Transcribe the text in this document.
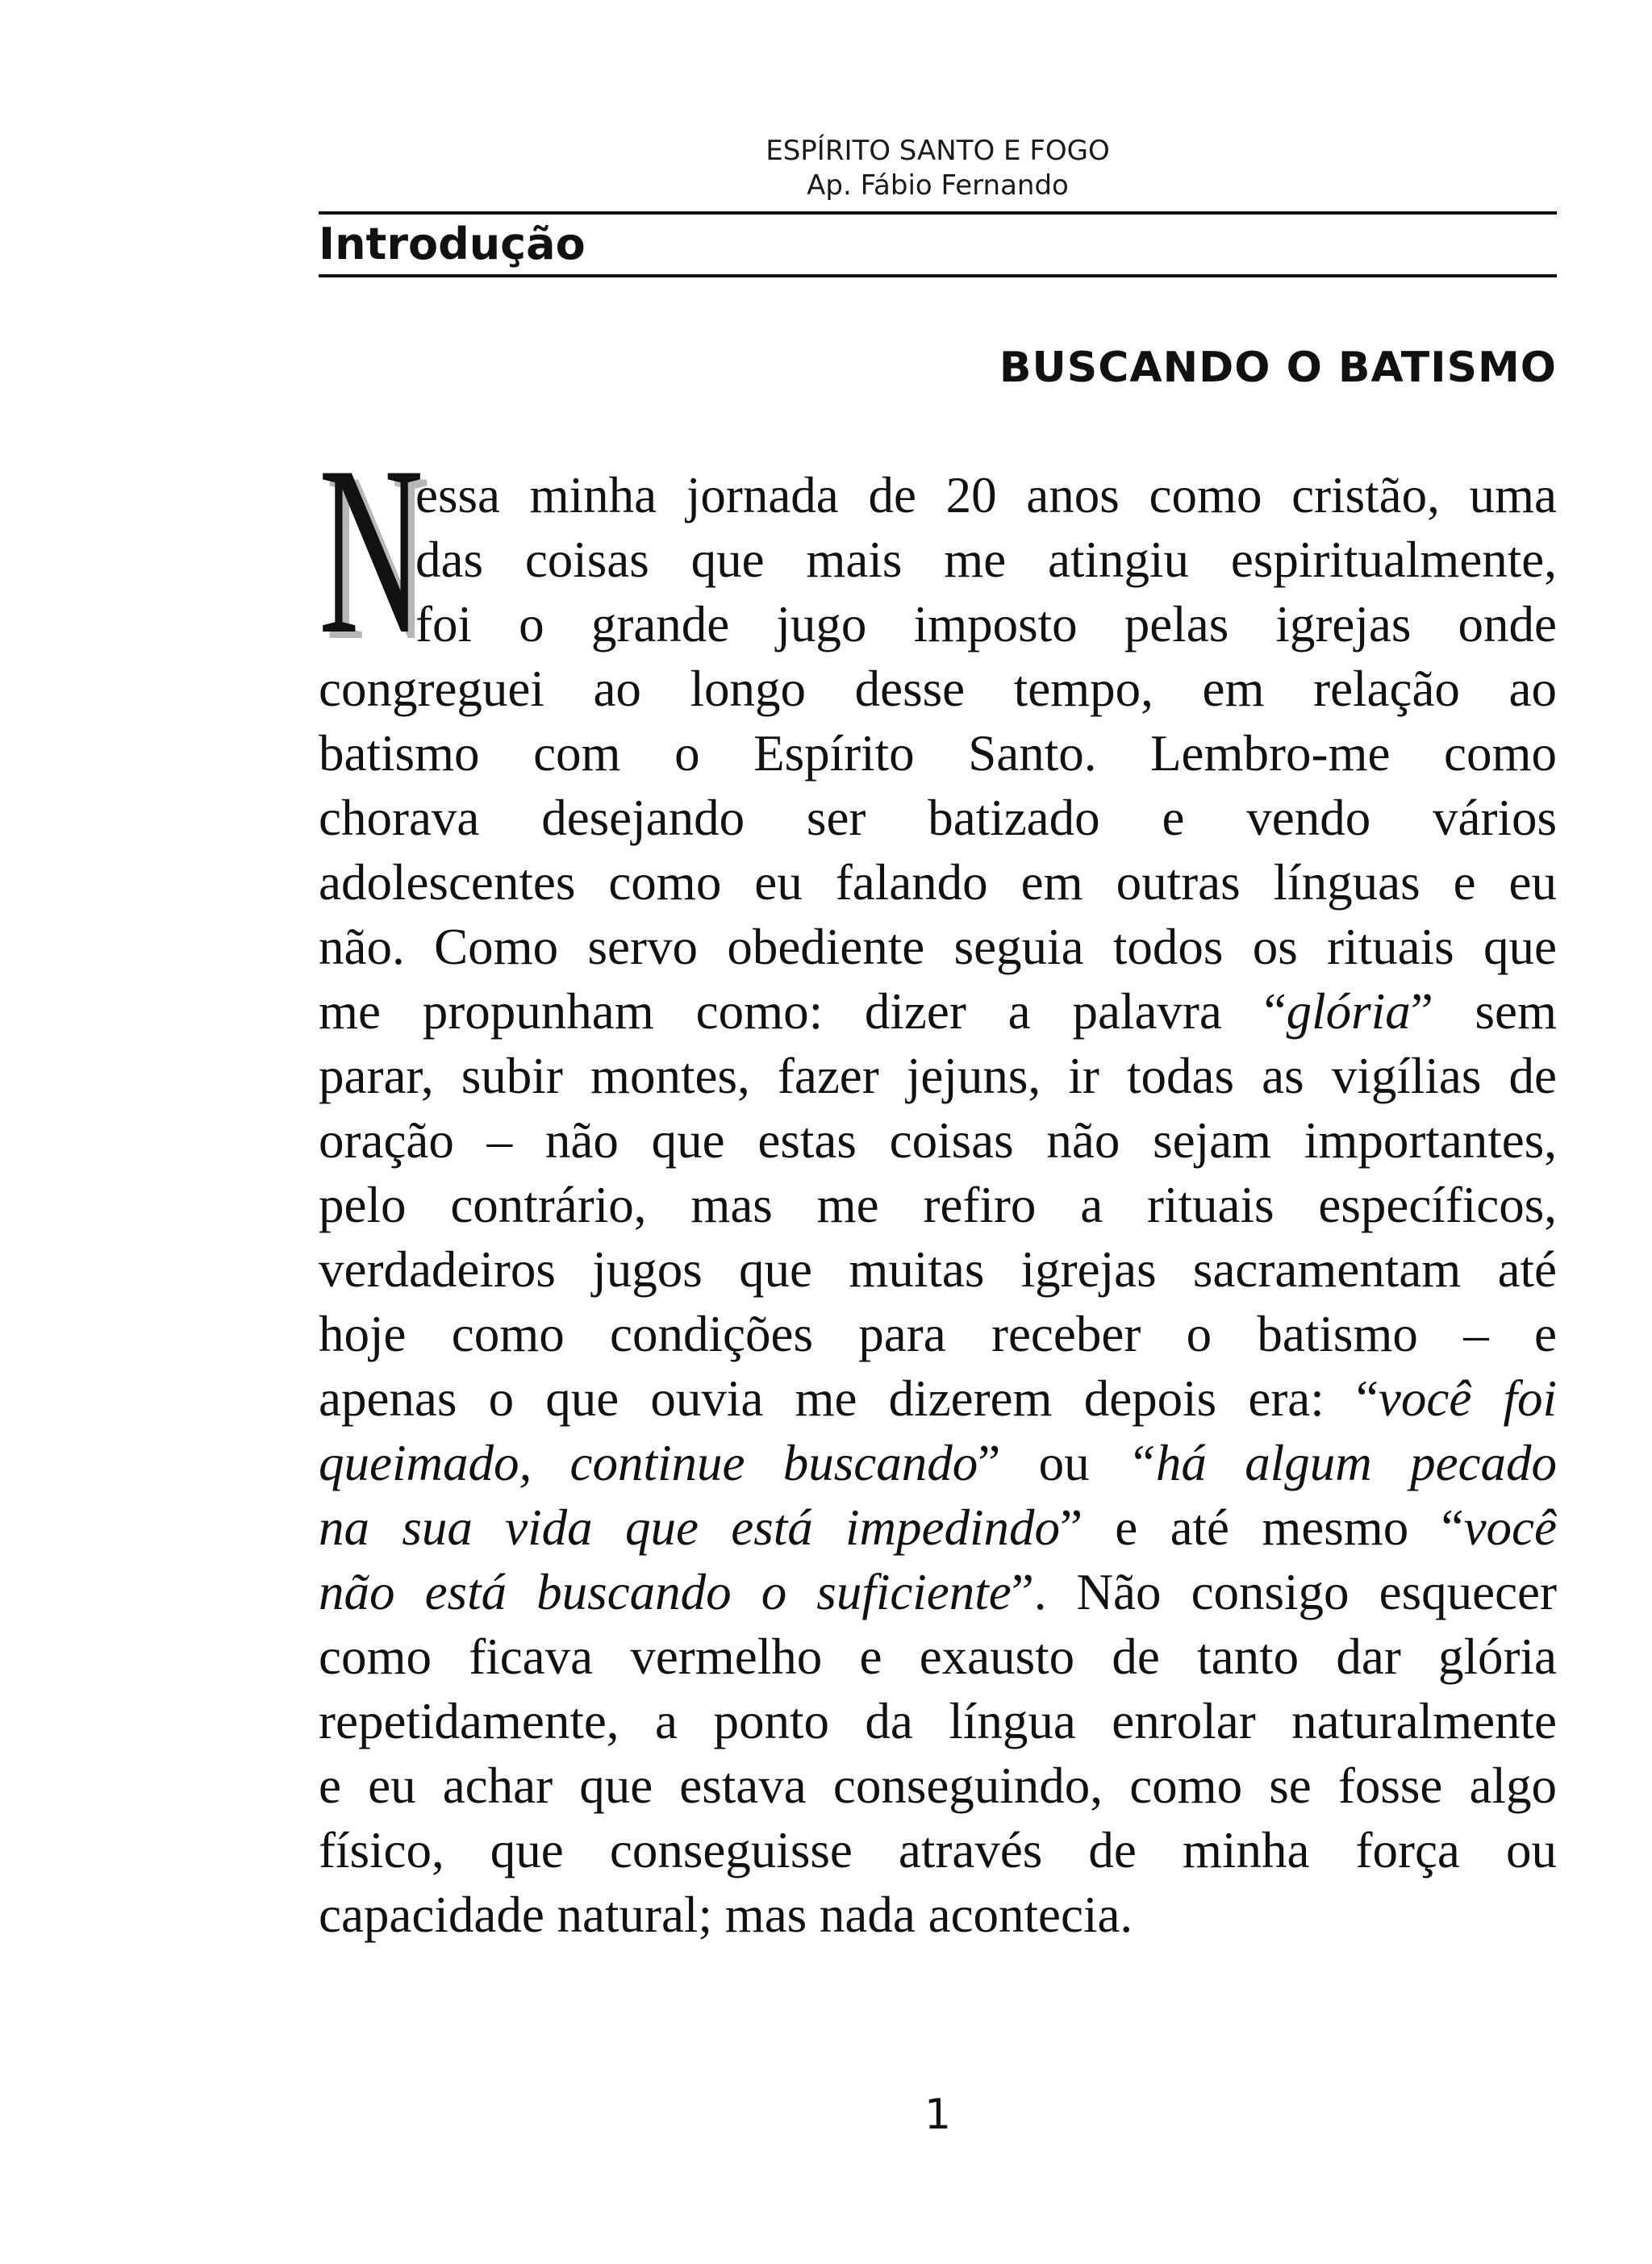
ESPÍRITO SANTO E FOGO
Ap. Fábio Fernando
Introdução
BUSCANDO O BATISMO
N
essa minha jornada de 20 anos como cristão, uma
das coisas que mais me atingiu espiritualmente,
foi o grande jugo imposto pelas igrejas onde
congreguei ao longo desse tempo, em relação ao
batismo com o Espírito Santo. Lembro-me como
chorava desejando ser batizado e vendo vários
adolescentes como eu falando em outras línguas e eu
não. Como servo obediente seguia todos os rituais que
me propunham como: dizer a palavra “glória” sem
parar, subir montes, fazer jejuns, ir todas as vigílias de
oração – não que estas coisas não sejam importantes,
pelo contrário, mas me refiro a rituais específicos,
verdadeiros jugos que muitas igrejas sacramentam até
hoje como condições para receber o batismo – e
apenas o que ouvia me dizerem depois era: “você foi
queimado, continue buscando” ou “há algum pecado
na sua vida que está impedindo” e até mesmo “você
não está buscando o suficiente”. Não consigo esquecer
como ficava vermelho e exausto de tanto dar glória
repetidamente, a ponto da língua enrolar naturalmente
e eu achar que estava conseguindo, como se fosse algo
físico, que conseguisse através de minha força ou
capacidade natural; mas nada acontecia.
1
